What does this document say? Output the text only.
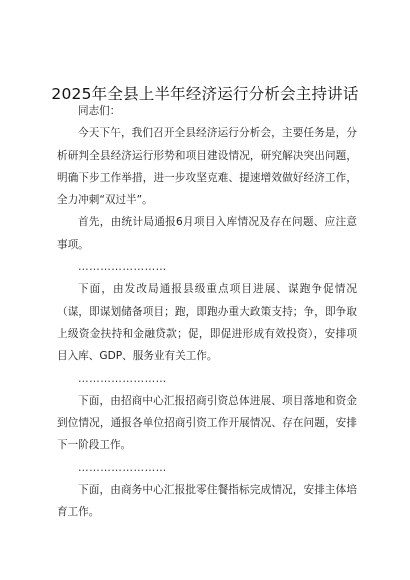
2025年全县上半年经济运行分析会主持讲话

同志们：

今天下午，我们召开全县经济运行分析会，主要任务是，分析研判全县经济运行形势和项目建设情况，研究解决突出问题，明确下步工作举措，进一步攻坚克难、提速增效做好经济工作，全力冲刺“双过半”。

首先，由统计局通报6月项目入库情况及存在问题、应注意事项。

……………………

下面，由发改局通报县级重点项目进展、谋跑争促情况（谋，即谋划储备项目；跑，即跑办重大政策支持；争，即争取上级资金扶持和金融贷款；促，即促进形成有效投资），安排项目入库、GDP、服务业有关工作。

……………………

下面，由招商中心汇报招商引资总体进展、项目落地和资金到位情况，通报各单位招商引资工作开展情况、存在问题，安排下一阶段工作。

……………………

下面，由商务中心汇报批零住餐指标完成情况，安排主体培育工作。
